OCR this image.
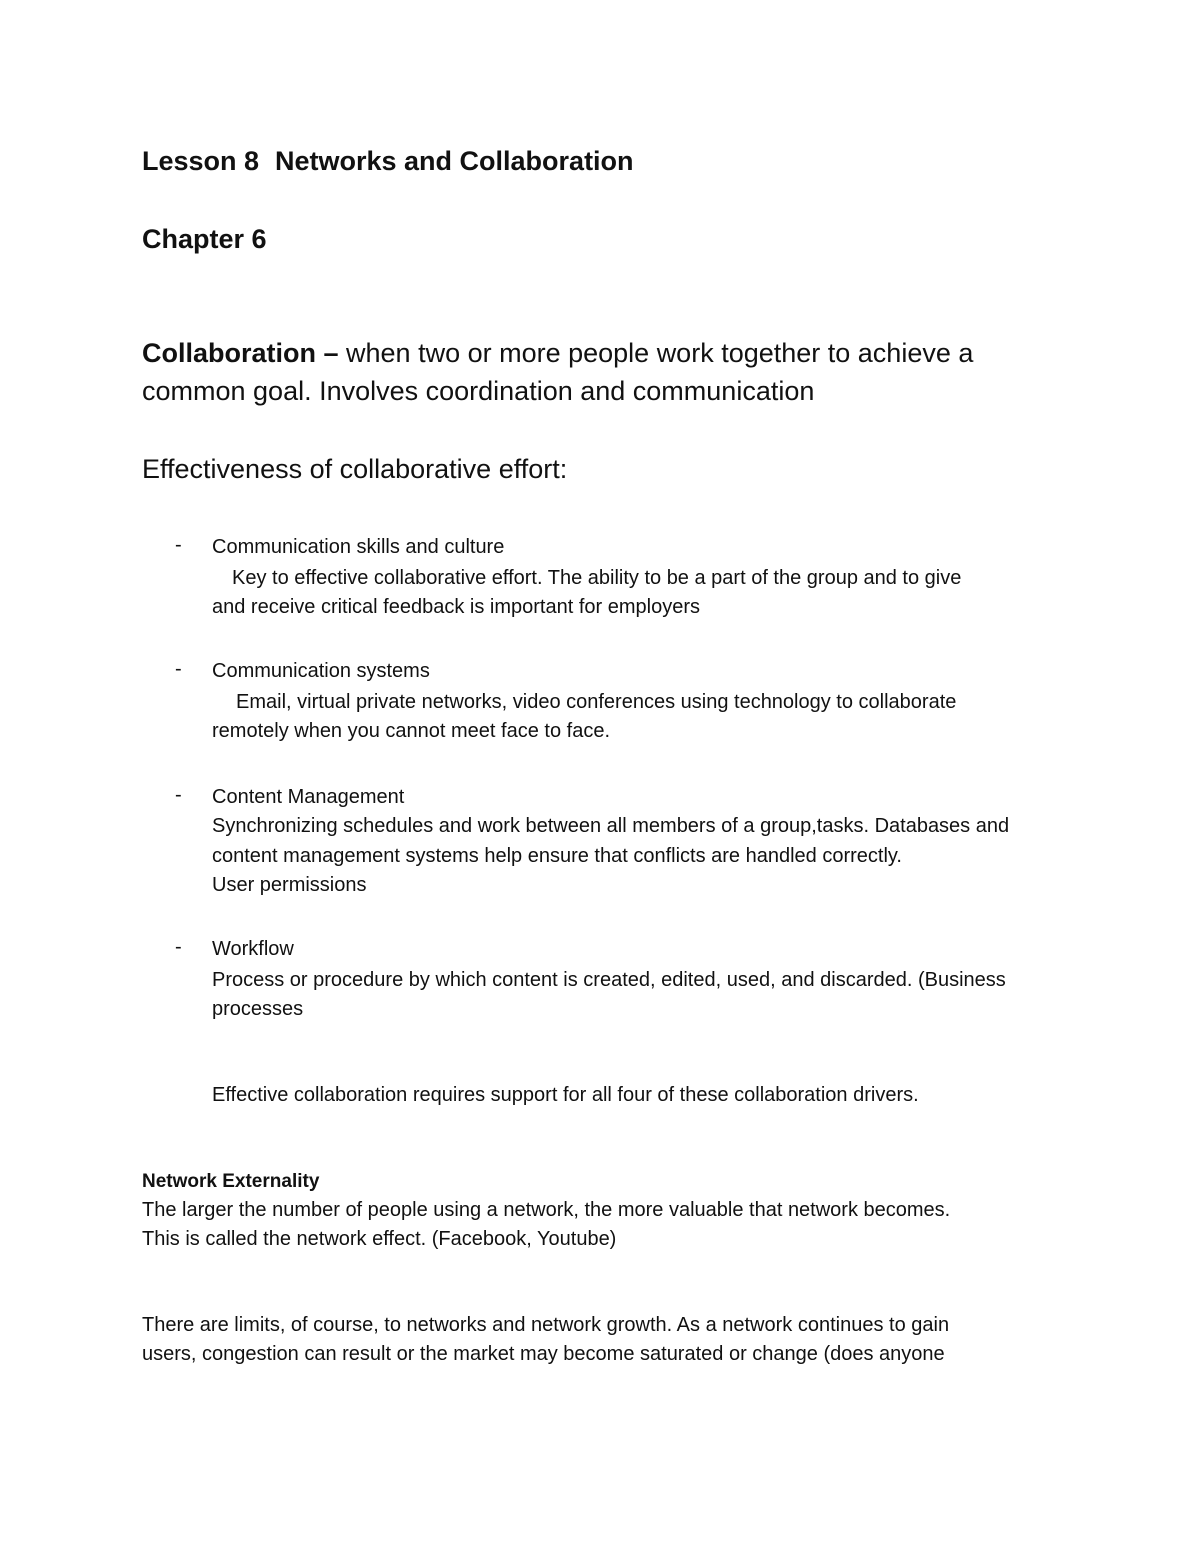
Lesson 8 Networks and Collaboration
Chapter 6
Collaboration – when two or more people work together to achieve a
common goal. Involves coordination and communication
Effectiveness of collaborative effort:
- Communication skills and culture
Key to effective collaborative effort. The ability to be a part of the group and to give
and receive critical feedback is important for employers
- Communication systems
Email, virtual private networks, video conferences using technology to collaborate
remotely when you cannot meet face to face.
- Content Management
Synchronizing schedules and work between all members of a group,tasks. Databases and
content management systems help ensure that conflicts are handled correctly.
User permissions
- Workflow
Process or procedure by which content is created, edited, used, and discarded. (Business
processes
Effective collaboration requires support for all four of these collaboration drivers.
Network Externality
The larger the number of people using a network, the more valuable that network becomes.
This is called the network effect. (Facebook, Youtube)
There are limits, of course, to networks and network growth. As a network continues to gain
users, congestion can result or the market may become saturated or change (does anyone
